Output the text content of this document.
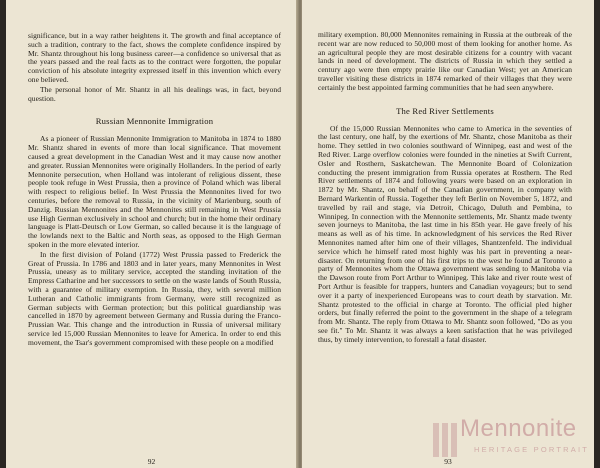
significance, but in a way rather heightens it. The growth and final acceptance of such a tradition, contrary to the fact, shows the complete confidence inspired by Mr. Shantz throughout his long business career—a confidence so universal that as the years passed and the real facts as to the contract were forgotten, the popular conviction of his absolute integrity expressed itself in this invention which every one believed.

The personal honor of Mr. Shantz in all his dealings was, in fact, beyond question.

Russian Mennonite Immigration

As a pioneer of Russian Mennonite Immigration to Manitoba in 1874 to 1880 Mr. Shantz shared in events of more than local significance. That movement caused a great development in the Canadian West and it may cause now another and greater. Russian Mennonites were originally Hollanders. In the period of early Mennonite persecution, when Holland was intolerant of religious dissent, these people took refuge in West Prussia, then a province of Poland which was liberal with respect to religious belief. In West Prussia the Mennonites lived for two centuries, before the removal to Russia, in the vicinity of Marienburg, south of Danzig. Russian Mennonites and the Mennonites still remaining in West Prussia use High German exclusively in school and church; but in the home their ordinary language is Platt-Deutsch or Low German, so called because it is the language of the lowlands next to the Baltic and North seas, as opposed to the High German spoken in the more elevated interior.

In the first division of Poland (1772) West Prussia passed to Frederick the Great of Prussia. In 1786 and 1803 and in later years, many Mennonites in West Prussia, uneasy as to military service, accepted the standing invitation of the Empress Catharine and her successors to settle on the waste lands of South Russia, with a guarantee of military exemption. In Russia, they, with several million Lutheran and Catholic immigrants from Germany, were still recognized as German subjects with German protection; but this political guardianship was cancelled in 1870 by agreement between Germany and Russia during the Franco-Prussian War. This change and the introduction in Russia of universal military service led 15,000 Russian Mennonites to leave for America. In order to end this movement, the Tsar's government compromised with these people on a modified

92

military exemption. 80,000 Mennonites remaining in Russia at the outbreak of the recent war are now reduced to 50,000 most of them looking for another home. As an agricultural people they are most desirable citizens for a country with vacant lands in need of development. The districts of Russia in which they settled a century ago were then empty prairie like our Canadian West; yet an American traveller visiting these districts in 1874 remarked of their villages that they were certainly the best appointed farming communities that he had seen anywhere.

The Red River Settlements

Of the 15,000 Russian Mennonites who came to America in the seventies of the last century, one half, by the exertions of Mr. Shantz, chose Manitoba as their home. They settled in two colonies southward of Winnipeg, east and west of the Red River. Large overflow colonies were founded in the nineties at Swift Current, Osler and Rosthern, Saskatchewan. The Mennonite Board of Colonization conducting the present immigration from Russia operates at Rosthern. The Red River settlements of 1874 and following years were based on an exploration in 1872 by Mr. Shantz, on behalf of the Canadian government, in company with Bernard Warkentin of Russia. Together they left Berlin on November 5, 1872, and travelled by rail and stage, via Detroit, Chicago, Duluth and Pembina, to Winnipeg. In connection with the Mennonite settlements, Mr. Shantz made twenty seven journeys to Manitoba, the last time in his 85th year. He gave freely of his means as well as of his time. In acknowledgment of his services the Red River Mennonites named after him one of their villages, Shantzenfeld. The individual service which he himself rated most highly was his part in preventing a near-disaster. On returning from one of his first trips to the west he found at Toronto a party of Mennonites whom the Ottawa government was sending to Manitoba via the Dawson route from Port Arthur to Winnipeg. This lake and river route west of Port Arthur is feasible for trappers, hunters and Canadian voyageurs; but to send over it a party of inexperienced Europeans was to court death by starvation. Mr. Shantz protested to the official in charge at Toronto. The official pled higher orders, but finally referred the point to the government in the shape of a telegram from Mr. Shantz. The reply from Ottawa to Mr. Shantz soon followed, "Do as you see fit." To Mr. Shantz it was always a keen satisfaction that he was privileged thus, by timely intervention, to forestall a fatal disaster.

93
Mennonite
HERITAGE PORTRAIT
